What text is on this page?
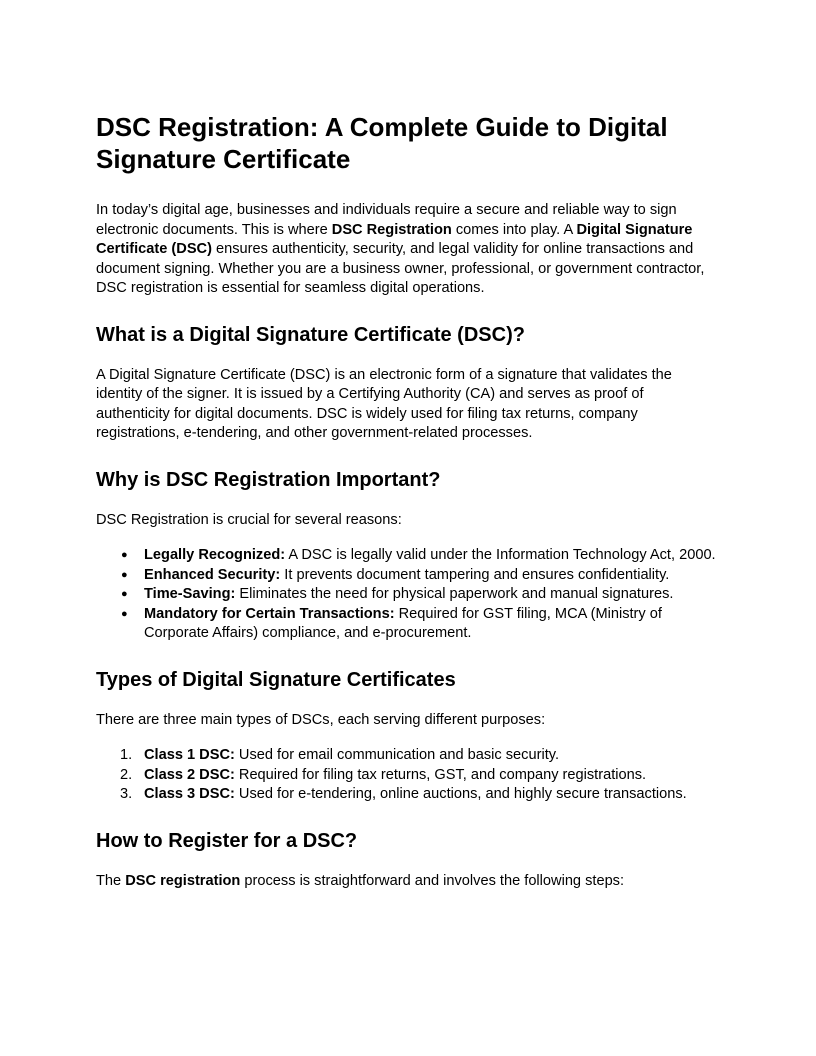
DSC Registration: A Complete Guide to Digital Signature Certificate

In today’s digital age, businesses and individuals require a secure and reliable way to sign electronic documents. This is where DSC Registration comes into play. A Digital Signature Certificate (DSC) ensures authenticity, security, and legal validity for online transactions and document signing. Whether you are a business owner, professional, or government contractor, DSC registration is essential for seamless digital operations.

What is a Digital Signature Certificate (DSC)?

A Digital Signature Certificate (DSC) is an electronic form of a signature that validates the identity of the signer. It is issued by a Certifying Authority (CA) and serves as proof of authenticity for digital documents. DSC is widely used for filing tax returns, company registrations, e-tendering, and other government-related processes.

Why is DSC Registration Important?

DSC Registration is crucial for several reasons:

● Legally Recognized: A DSC is legally valid under the Information Technology Act, 2000.
● Enhanced Security: It prevents document tampering and ensures confidentiality.
● Time-Saving: Eliminates the need for physical paperwork and manual signatures.
● Mandatory for Certain Transactions: Required for GST filing, MCA (Ministry of Corporate Affairs) compliance, and e-procurement.
Types of Digital Signature Certificates

There are three main types of DSCs, each serving different purposes:

1. Class 1 DSC: Used for email communication and basic security.
2. Class 2 DSC: Required for filing tax returns, GST, and company registrations.
3. Class 3 DSC: Used for e-tendering, online auctions, and highly secure transactions.
How to Register for a DSC?

The DSC registration process is straightforward and involves the following steps:
